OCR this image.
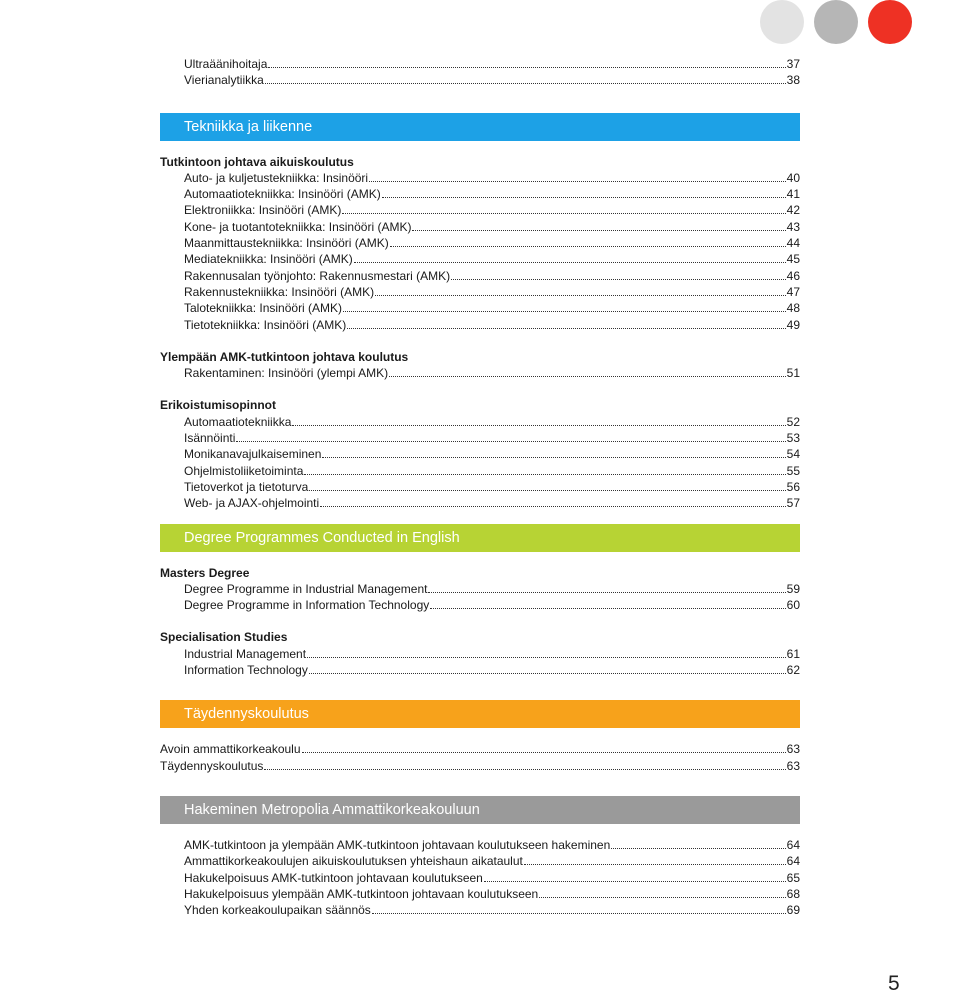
Ultraäänihoitaja	37
Vierianalytiikka	38
Tekniikka ja liikenne
Tutkintoon johtava aikuiskoulutus
Auto- ja kuljetustekniikka: Insinööri	40
Automaatiotekniikka: Insinööri (AMK)	41
Elektroniikka: Insinööri (AMK)	42
Kone- ja tuotantotekniikka: Insinööri (AMK)	43
Maanmittaustekniikka: Insinööri (AMK)	44
Mediatekniikka: Insinööri (AMK)	45
Rakennusalan työnjohto: Rakennusmestari (AMK)	46
Rakennustekniikka: Insinööri (AMK)	47
Talotekniikka: Insinööri (AMK)	48
Tietotekniikka: Insinööri (AMK)	49
Ylempään AMK-tutkintoon johtava koulutus
Rakentaminen: Insinööri (ylempi AMK)	51
Erikoistumisopinnot
Automaatiotekniikka	52
Isännöinti	53
Monikanavajulkaiseminen	54
Ohjelmistoliiketoiminta	55
Tietoverkot ja tietoturva	56
Web- ja AJAX-ohjelmointi	57
Degree Programmes Conducted in English
Masters Degree
Degree Programme in Industrial Management	59
Degree Programme in Information Technology	60
Specialisation Studies
Industrial Management	61
Information Technology	62
Täydennyskoulutus
Avoin ammattikorkeakoulu	63
Täydennyskoulutus	63
Hakeminen Metropolia Ammattikorkeakouluun
AMK-tutkintoon ja ylempään AMK-tutkintoon johtavaan koulutukseen hakeminen	64
Ammattikorkeakoulujen aikuiskoulutuksen yhteishaun aikataulut	64
Hakukelpoisuus AMK-tutkintoon johtavaan koulutukseen	65
Hakukelpoisuus ylempään AMK-tutkintoon johtavaan koulutukseen	68
Yhden korkeakoulupaikan säännös	69
5
